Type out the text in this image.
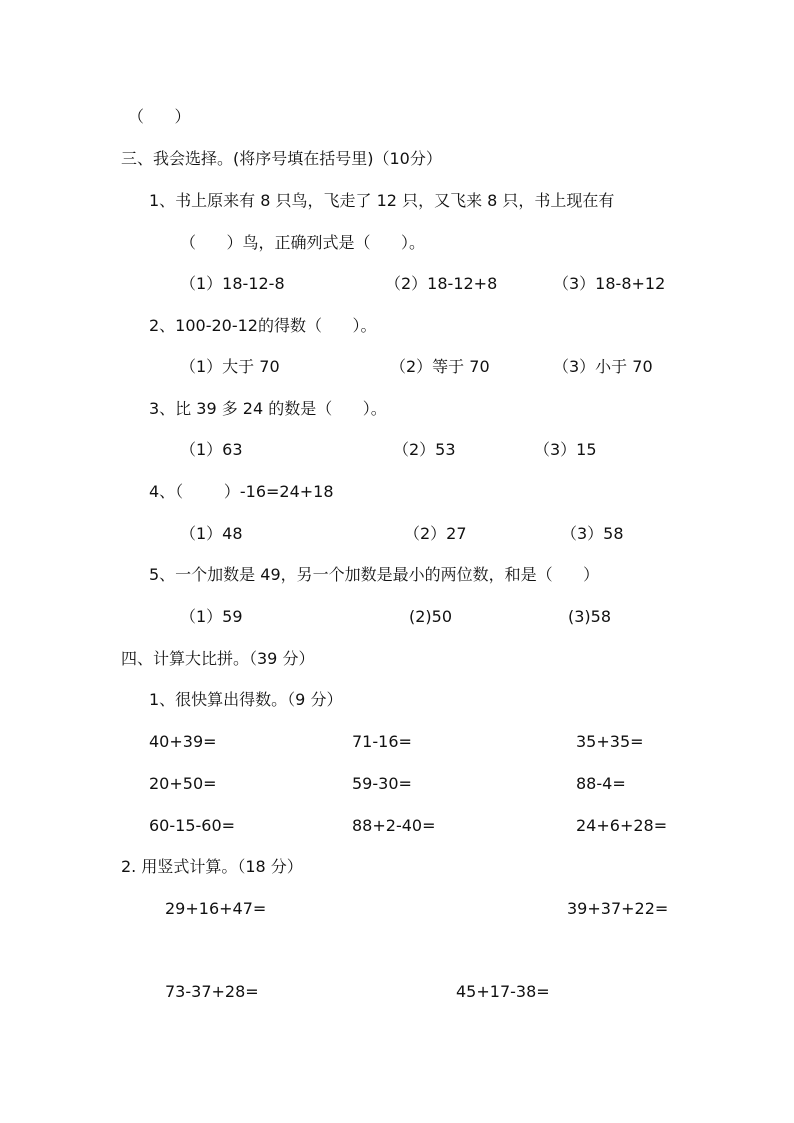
（      ）
三、我会选择。(将序号填在括号里)（10分）
1、书上原来有 8 只鸟，飞走了 12 只，又飞来 8 只，书上现在有
（      ）鸟，正确列式是（      ）。
（1）18-12-8	（2）18-12+8	（3）18-8+12
2、100-20-12的得数（      ）。
（1）大于 70	（2）等于 70	（3）小于 70
3、比 39 多 24 的数是（      ）。
（1）63	（2）53	（3）15
4、（        ）-16=24+18
（1）48	（2）27	（3）58
5、一个加数是 49，另一个加数是最小的两位数，和是（      ）
（1）59	(2)50	(3)58
四、计算大比拼。（39 分）
1、很快算出得数。（9 分）
40+39=	71-16=	35+35=
20+50=	59-30=	88-4=
60-15-60=	88+2-40=	24+6+28=
2. 用竖式计算。（18 分）
29+16+47=	39+37+22=
73-37+28=	45+17-38=
